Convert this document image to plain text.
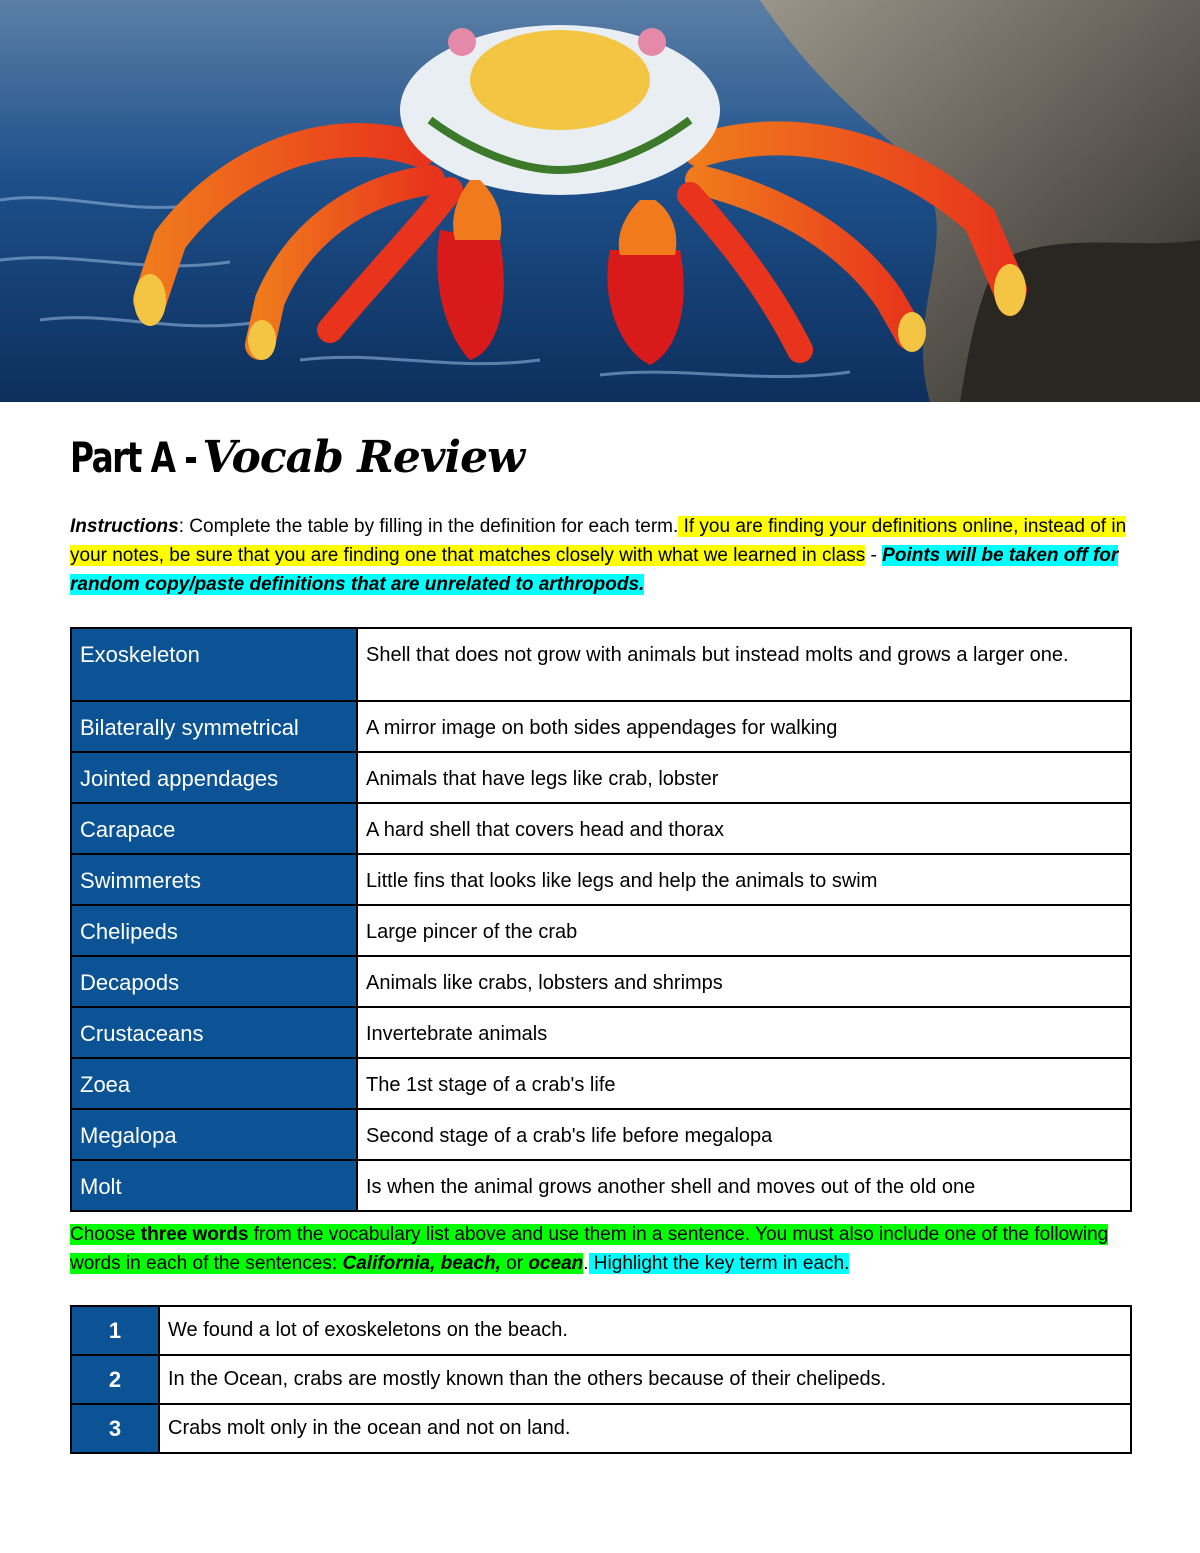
Part A - Vocab Review
Instructions: Complete the table by filling in the definition for each term. If you are finding your definitions online, instead of in your notes, be sure that you are finding one that matches closely with what we learned in class - Points will be taken off for random copy/paste definitions that are unrelated to arthropods.
Exoskeleton	Shell that does not grow with animals but instead molts and grows a larger one.
Bilaterally symmetrical	A mirror image on both sides appendages for walking
Jointed appendages	Animals that have legs like crab, lobster
Carapace	A hard shell that covers head and thorax
Swimmerets	Little fins that looks like legs and help the animals to swim
Chelipeds	Large pincer of the crab
Decapods	Animals like crabs, lobsters and shrimps
Crustaceans	Invertebrate animals
Zoea	The 1st stage of a crab's life
Megalopa	Second stage of a crab's life before megalopa
Molt	Is when the animal grows another shell and moves out of the old one
Choose three words from the vocabulary list above and use them in a sentence. You must also include one of the following words in each of the sentences: California, beach, or ocean. Highlight the key term in each.
1	We found a lot of exoskeletons on the beach.
2	In the Ocean, crabs are mostly known than the others because of their chelipeds.
3	Crabs molt only in the ocean and not on land.
